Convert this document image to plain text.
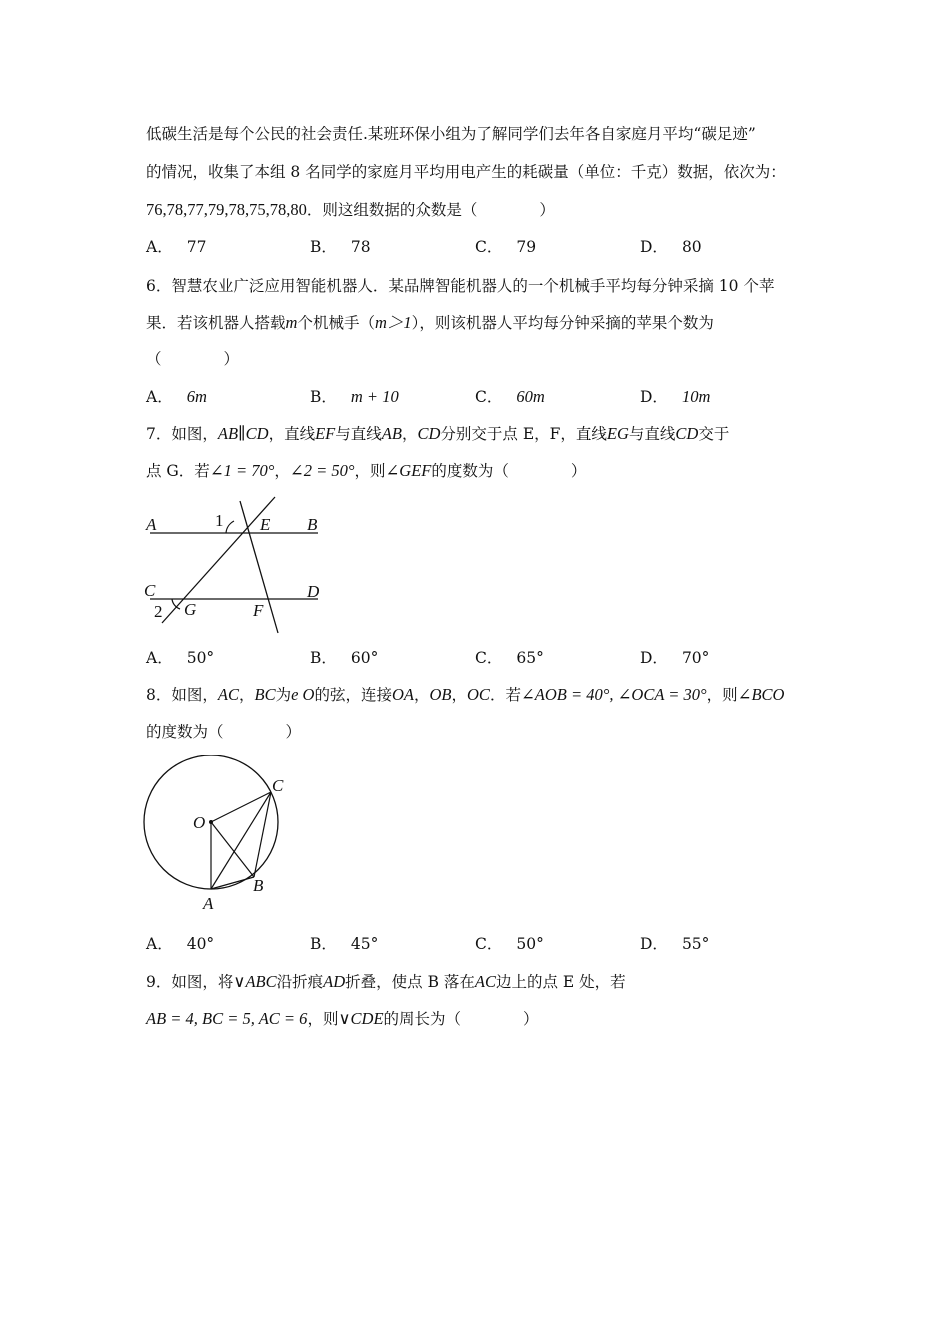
低碳生活是每个公民的社会责任.某班环保小组为了解同学们去年各自家庭月平均“碳足迹”
的情况，收集了本组 8 名同学的家庭月平均用电产生的耗碳量（单位：千克）数据，依次为：
76,78,77,79,78,75,78,80．则这组数据的众数是（　　　　）
A． 77	B． 78	C． 79	D． 80
6．智慧农业广泛应用智能机器人．某品牌智能机器人的一个机械手平均每分钟采摘 10 个苹
果．若该机器人搭载m个机械手（m＞1），则该机器人平均每分钟采摘的苹果个数为
（　　　　）
A． 6m	B． m + 10	C． 60m	D． 10m
7．如图，AB∥CD，直线EF与直线AB，CD分别交于点 E，F，直线EG与直线CD交于
点 G．若∠1 = 70°，∠2 = 50°，则∠GEF的度数为（　　　　）
A	B
C	D
E
F
G
1
2
A． 50°	B． 60°	C． 65°	D． 70°
8．如图，AC，BC为e O的弦，连接OA，OB，OC．若∠AOB = 40°, ∠OCA = 30°，则∠BCO
的度数为（　　　　）
O
A
B
C
A． 40°	B． 45°	C． 50°	D． 55°
9．如图，将∨ABC沿折痕AD折叠，使点 B 落在AC边上的点 E 处，若
AB = 4, BC = 5, AC = 6，则∨CDE的周长为（　　　　）
